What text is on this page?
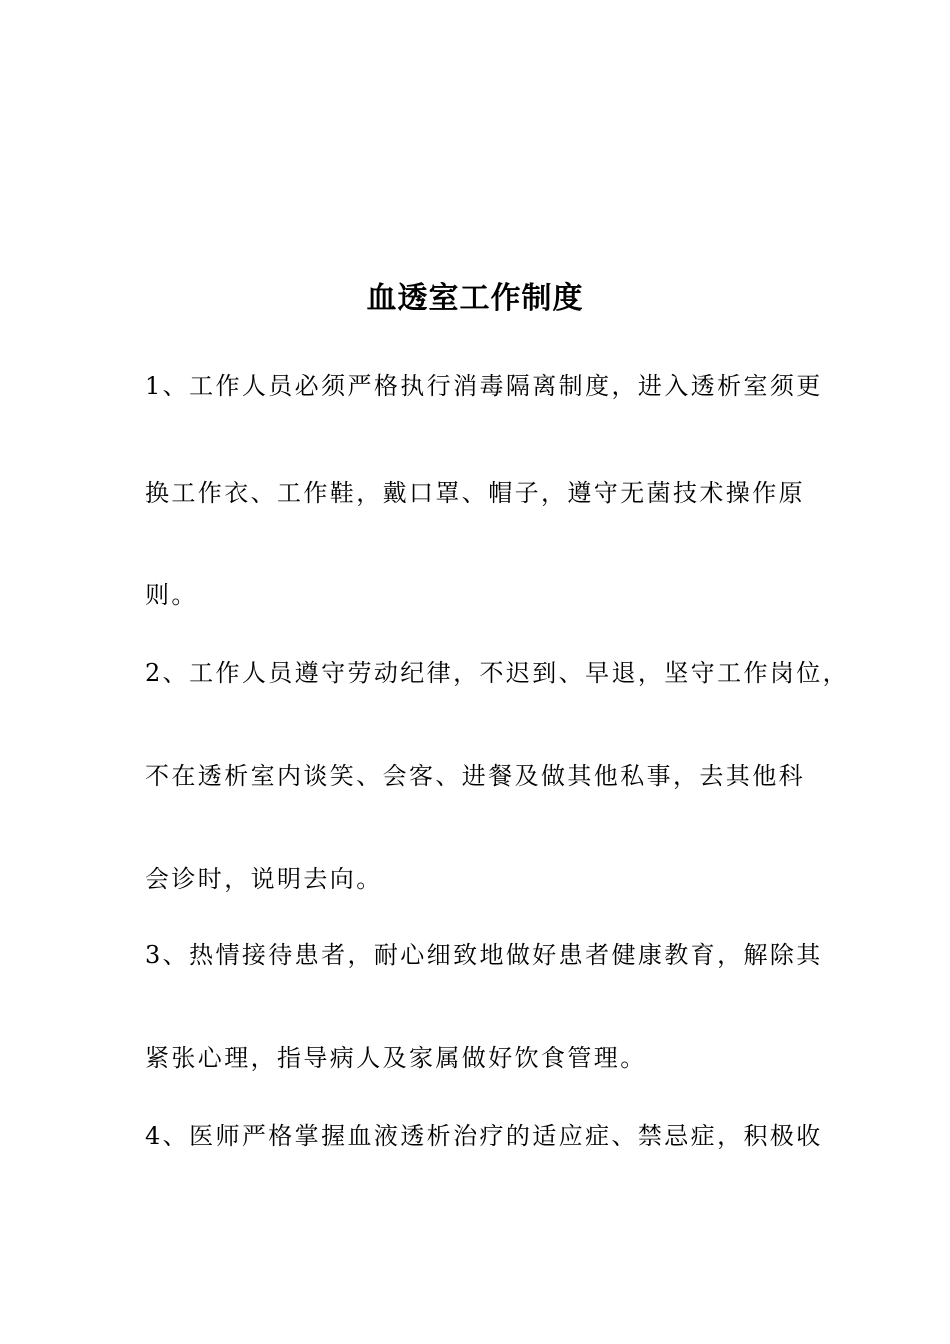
血透室工作制度
1、工作人员必须严格执行消毒隔离制度，进入透析室须更
换工作衣、工作鞋，戴口罩、帽子，遵守无菌技术操作原
则。
2、工作人员遵守劳动纪律，不迟到、早退，坚守工作岗位，
不在透析室内谈笑、会客、进餐及做其他私事，去其他科
会诊时，说明去向。
3、热情接待患者，耐心细致地做好患者健康教育，解除其
紧张心理，指导病人及家属做好饮食管理。
4、医师严格掌握血液透析治疗的适应症、禁忌症，积极收
